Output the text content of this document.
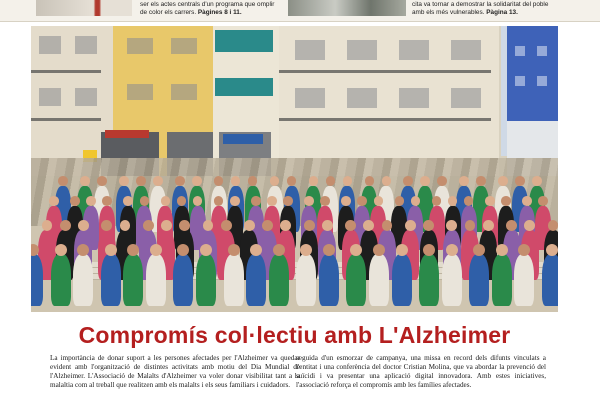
ser els actes centrals d'un programa que omplir de color els carrers. Pàgines 8 i 11.
cita va tornar a demostrar la solidaritat del poble amb els més vulnerables. Pàgina 13.
Compromís col·lectiu amb L'Alzheimer

La importància de donar suport a les persones afectades per l'Alzheimer va quedar evident amb l'organització de distintes activitats amb motiu del Dia Mundial de l'Alzheimer. L'Associació de Malalts d'Alzheimer va voler donar visibilitat tant a la malaltia com al treball que realitzen amb els malalts i els seus familiars i cuidadors.

seguida d'un esmorzar de campanya, una missa en record dels difunts vinculats a l'entitat i una conferència del doctor Cristian Molina, que va abordar la prevenció del suïcidi i va presentar una aplicació digital innovadora. Amb estes iniciatives, l'associació reforça el compromís amb les famílies afectades.
